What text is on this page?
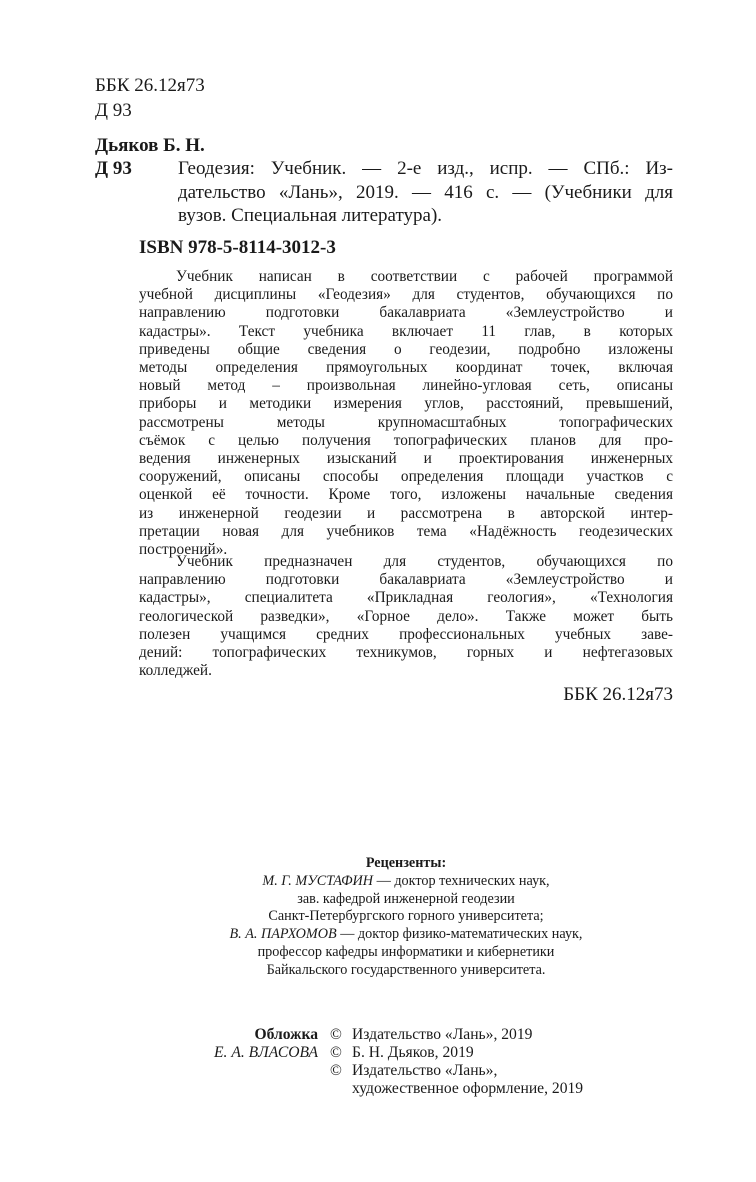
ББК 26.12я73
Д 93
Дьяков Б. Н.
Д 93 Геодезия: Учебник. — 2-е изд., испр. — СПб.: Из-
дательство «Лань», 2019. — 416 с. — (Учебники для
вузов. Специальная литература).
ISBN 978-5-8114-3012-3
Учебник написан в соответствии с рабочей программой
учебной дисциплины «Геодезия» для студентов, обучающихся по
направлению подготовки бакалавриата «Землеустройство и
кадастры». Текст учебника включает 11 глав, в которых
приведены общие сведения о геодезии, подробно изложены
методы определения прямоугольных координат точек, включая
новый метод – произвольная линейно-угловая сеть, описаны
приборы и методики измерения углов, расстояний, превышений,
рассмотрены методы крупномасштабных топографических
съёмок с целью получения топографических планов для про-
ведения инженерных изысканий и проектирования инженерных
сооружений, описаны способы определения площади участков с
оценкой её точности. Кроме того, изложены начальные сведения
из инженерной геодезии и рассмотрена в авторской интер-
претации новая для учебников тема «Надёжность геодезических
построений».
Учебник предназначен для студентов, обучающихся по
направлению подготовки бакалавриата «Землеустройство и
кадастры», специалитета «Прикладная геология», «Технология
геологической разведки», «Горное дело». Также может быть
полезен учащимся средних профессиональных учебных заве-
дений: топографических техникумов, горных и нефтегазовых
колледжей.
ББК 26.12я73
Рецензенты:
М. Г. МУСТАФИН — доктор технических наук,
зав. кафедрой инженерной геодезии
Санкт-Петербургского горного университета;
В. А. ПАРХОМОВ — доктор физико-математических наук,
профессор кафедры информатики и кибернетики
Байкальского государственного университета.
Обложка © Издательство «Лань», 2019
Е. А. ВЛАСОВА © Б. Н. Дьяков, 2019
© Издательство «Лань»,
художественное оформление, 2019
